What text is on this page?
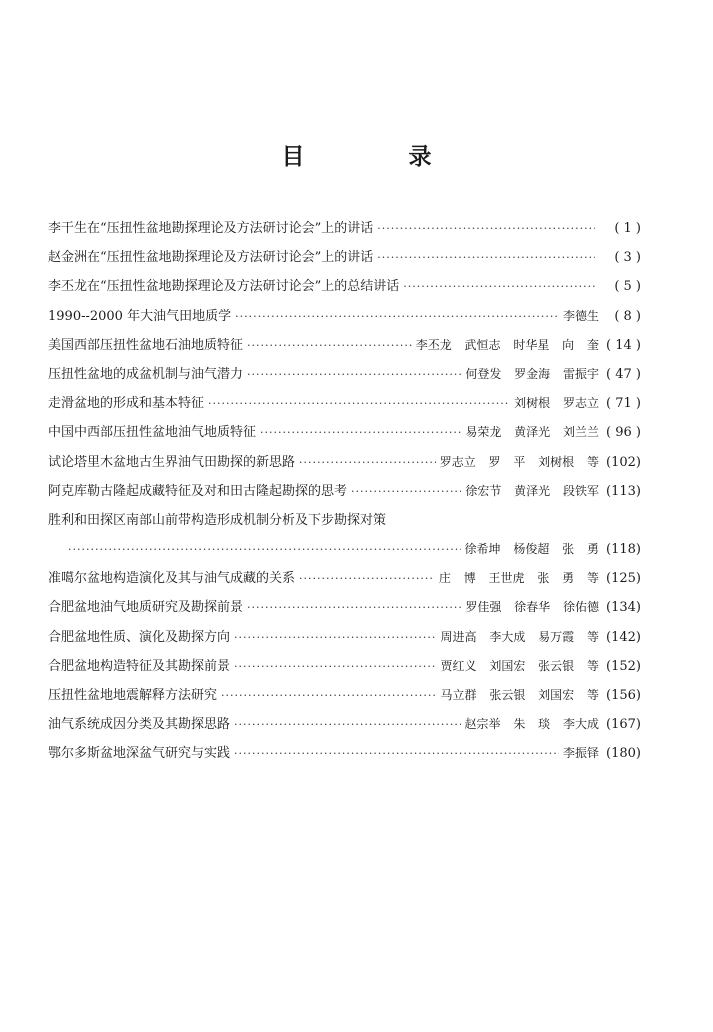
目 录
李干生在“压扭性盆地勘探理论及方法研讨论会”上的讲话 ·····	( 1 )
赵金洲在“压扭性盆地勘探理论及方法研讨论会”上的讲话 ·····	( 3 )
李丕龙在“压扭性盆地勘探理论及方法研讨论会”上的总结讲话 ·····	( 5 )
1990--2000 年大油气田地质学 ·····	李德生	( 8 )
美国西部压扭性盆地石油地质特征 ·····	李丕龙 武恒志 时华星 向 奎 ( 14 )
压扭性盆地的成盆机制与油气潜力 ·····	何登发 罗金海 雷振宇 ( 47 )
走滑盆地的形成和基本特征 ·····	刘树根 罗志立 ( 71 )
中国中西部压扭性盆地油气地质特征 ·····	易荣龙 黄泽光 刘兰兰 ( 96 )
试论塔里木盆地古生界油气田勘探的新思路 ·····	罗志立 罗 平 刘树根 等 (102)
阿克库勒古隆起成藏特征及对和田古隆起勘探的思考 ·····	徐宏节 黄泽光 段铁军 (113)
胜利和田探区南部山前带构造形成机制分析及下步勘探对策
·····
徐希坤 杨俊超 张 勇 (118)
准噶尔盆地构造演化及其与油气成藏的关系 ·····	庄 博 王世虎 张 勇 等 (125)
合肥盆地油气地质研究及勘探前景 ·····	罗佳强 徐春华 徐佑德 (134)
合肥盆地性质、演化及勘探方向 ·····	周进高 李大成 易万霞 等 (142)
合肥盆地构造特征及其勘探前景 ·····	贾红义 刘国宏 张云银 等 (152)
压扭性盆地地震解释方法研究 ·····	马立群 张云银 刘国宏 等 (156)
油气系统成因分类及其勘探思路 ·····	赵宗举 朱 琰 李大成 (167)
鄂尔多斯盆地深盆气研究与实践 ·····	李振铎 (180)
